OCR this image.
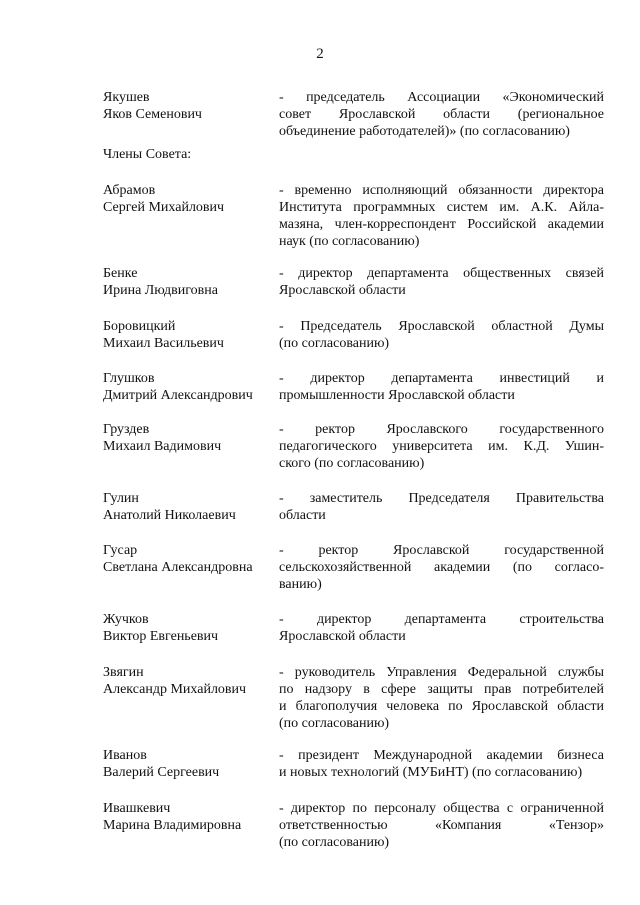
2
Члены Совета:
Якушев
Яков Семенович
- председатель Ассоциации «Экономический
совет Ярославской области (региональное
объединение работодателей)» (по согласованию)
Абрамов
Сергей Михайлович
- временно исполняющий обязанности директора
Института программных систем им. А.К. Айла-
мазяна, член-корреспондент Российской академии
наук (по согласованию)
Бенке
Ирина Людвиговна
- директор департамента общественных связей
Ярославской области
Боровицкий
Михаил Васильевич
- Председатель Ярославской областной Думы
(по согласованию)
Глушков
Дмитрий Александрович
- директор департамента инвестиций и
промышленности Ярославской области
Груздев
Михаил Вадимович
- ректор Ярославского государственного
педагогического университета им. К.Д. Ушин-
ского (по согласованию)
Гулин
Анатолий Николаевич
- заместитель Председателя Правительства
области
Гусар
Светлана Александровна
- ректор Ярославской государственной
сельскохозяйственной академии (по согласо-
ванию)
Жучков
Виктор Евгеньевич
- директор департамента строительства
Ярославской области
Звягин
Александр Михайлович
- руководитель Управления Федеральной службы
по надзору в сфере защиты прав потребителей
и благополучия человека по Ярославской области
(по согласованию)
Иванов
Валерий Сергеевич
- президент Международной академии бизнеса
и новых технологий (МУБиНТ) (по согласованию)
Ивашкевич
Марина Владимировна
- директор по персоналу общества с ограниченной
ответственностью «Компания «Тензор»
(по согласованию)
